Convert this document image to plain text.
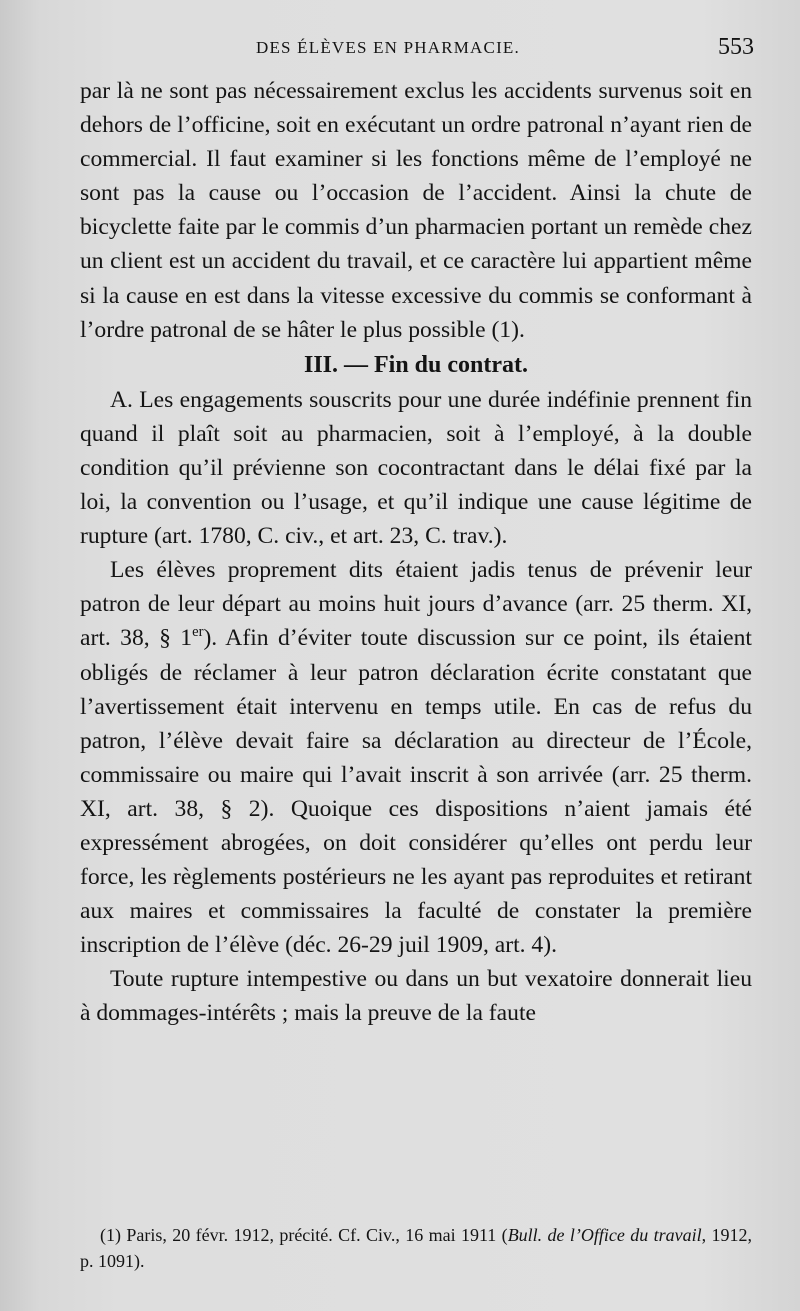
DES ÉLÈVES EN PHARMACIE.	553

par là ne sont pas nécessairement exclus les accidents survenus soit en dehors de l’officine, soit en exécutant un ordre patronal n’ayant rien de commercial. Il faut examiner si les fonctions même de l’employé ne sont pas la cause ou l’occasion de l’accident. Ainsi la chute de bicyclette faite par le commis d’un pharmacien portant un remède chez un client est un accident du travail, et ce caractère lui appartient même si la cause en est dans la vitesse excessive du commis se conformant à l’ordre patronal de se hâter le plus possible (1).

III. — Fin du contrat.

A. Les engagements souscrits pour une durée indéfinie prennent fin quand il plaît soit au pharmacien, soit à l’employé, à la double condition qu’il prévienne son cocontractant dans le délai fixé par la loi, la convention ou l’usage, et qu’il indique une cause légitime de rupture (art. 1780, C. civ., et art. 23, C. trav.).

Les élèves proprement dits étaient jadis tenus de prévenir leur patron de leur départ au moins huit jours d’avance (arr. 25 therm. XI, art. 38, § 1er). Afin d’éviter toute discussion sur ce point, ils étaient obligés de réclamer à leur patron déclaration écrite constatant que l’avertissement était intervenu en temps utile. En cas de refus du patron, l’élève devait faire sa déclaration au directeur de l’École, commissaire ou maire qui l’avait inscrit à son arrivée (arr. 25 therm. XI, art. 38, § 2). Quoique ces dispositions n’aient jamais été expressément abrogées, on doit considérer qu’elles ont perdu leur force, les règlements postérieurs ne les ayant pas reproduites et retirant aux maires et commissaires la faculté de constater la première inscription de l’élève (déc. 26-29 juil 1909, art. 4).

Toute rupture intempestive ou dans un but vexatoire donnerait lieu à dommages-intérêts ; mais la preuve de la faute

(1) Paris, 20 févr. 1912, précité. Cf. Civ., 16 mai 1911 (Bull. de l’Office du travail, 1912, p. 1091).
